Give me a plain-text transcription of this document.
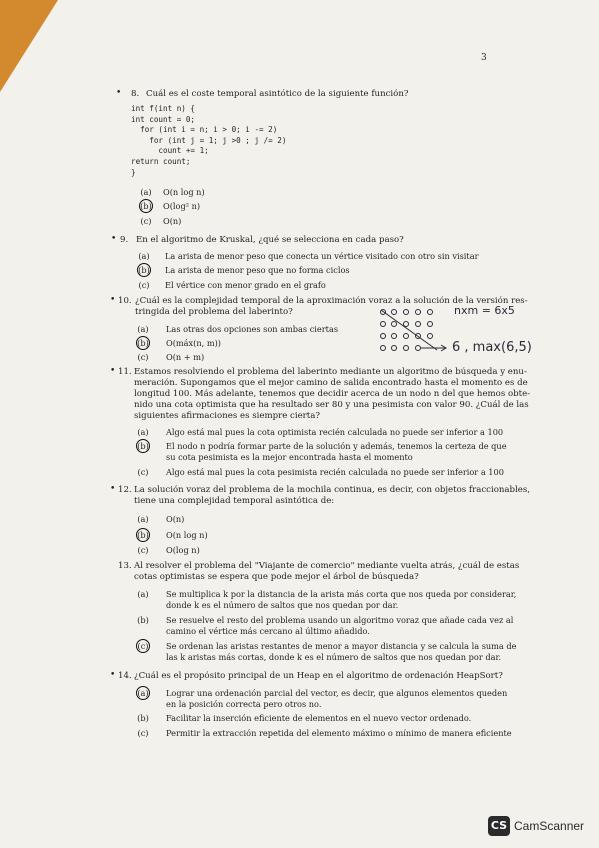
3
• 8. Cuál es el coste temporal asintótico de la siguiente función?
int f(int n) {
int count = 0;
for (int i = n; i > 0; i -= 2)
for (int j = 1; j >0 ; j /= 2)
count += 1;
return count;
}
(a)	O(n log n)
(b)	O(log² n)
(c)	O(n)
• 9. En el algoritmo de Kruskal, ¿qué se selecciona en cada paso?
(a)	La arista de menor peso que conecta un vértice visitado con otro sin visitar
(b)	La arista de menor peso que no forma ciclos
(c)	El vértice con menor grado en el grafo
• 10. ¿Cuál es la complejidad temporal de la aproximación voraz a la solución de la versión res-
tringida del problema del laberinto?
(a)	Las otras dos opciones son ambas ciertas
(b)	O(máx(n, m))
(c)	O(n + m)
nxm = 6x5
6 , max(6,5)
• 11. Estamos resolviendo el problema del laberinto mediante un algoritmo de búsqueda y enu-
meración. Supongamos que el mejor camino de salida encontrado hasta el momento es de
longitud 100. Más adelante, tenemos que decidir acerca de un nodo n del que hemos obte-
nido una cota optimista que ha resultado ser 80 y una pesimista con valor 90. ¿Cuál de las
siguientes afirmaciones es siempre cierta?
(a)	Algo está mal pues la cota optimista recién calculada no puede ser inferior a 100
(b)	El nodo n podría formar parte de la solución y además, tenemos la certeza de que
su cota pesimista es la mejor encontrada hasta el momento
(c)	Algo está mal pues la cota pesimista recién calculada no puede ser inferior a 100
• 12. La solución voraz del problema de la mochila continua, es decir, con objetos fraccionables,
tiene una complejidad temporal asintótica de:
(a)	O(n)
(b)	O(n log n)
(c)	O(log n)
13. Al resolver el problema del "Viajante de comercio" mediante vuelta atrás, ¿cuál de estas
cotas optimistas se espera que pode mejor el árbol de búsqueda?
(a)	Se multiplica k por la distancia de la arista más corta que nos queda por considerar,
donde k es el número de saltos que nos quedan por dar.
(b)	Se resuelve el resto del problema usando un algoritmo voraz que añade cada vez al
camino el vértice más cercano al último añadido.
(c)	Se ordenan las aristas restantes de menor a mayor distancia y se calcula la suma de
las k aristas más cortas, donde k es el número de saltos que nos quedan por dar.
• 14. ¿Cuál es el propósito principal de un Heap en el algoritmo de ordenación HeapSort?
(a)	Lograr una ordenación parcial del vector, es decir, que algunos elementos queden
en la posición correcta pero otros no.
(b)	Facilitar la inserción eficiente de elementos en el nuevo vector ordenado.
(c)	Permitir la extracción repetida del elemento máximo o mínimo de manera eficiente
CS CamScanner
